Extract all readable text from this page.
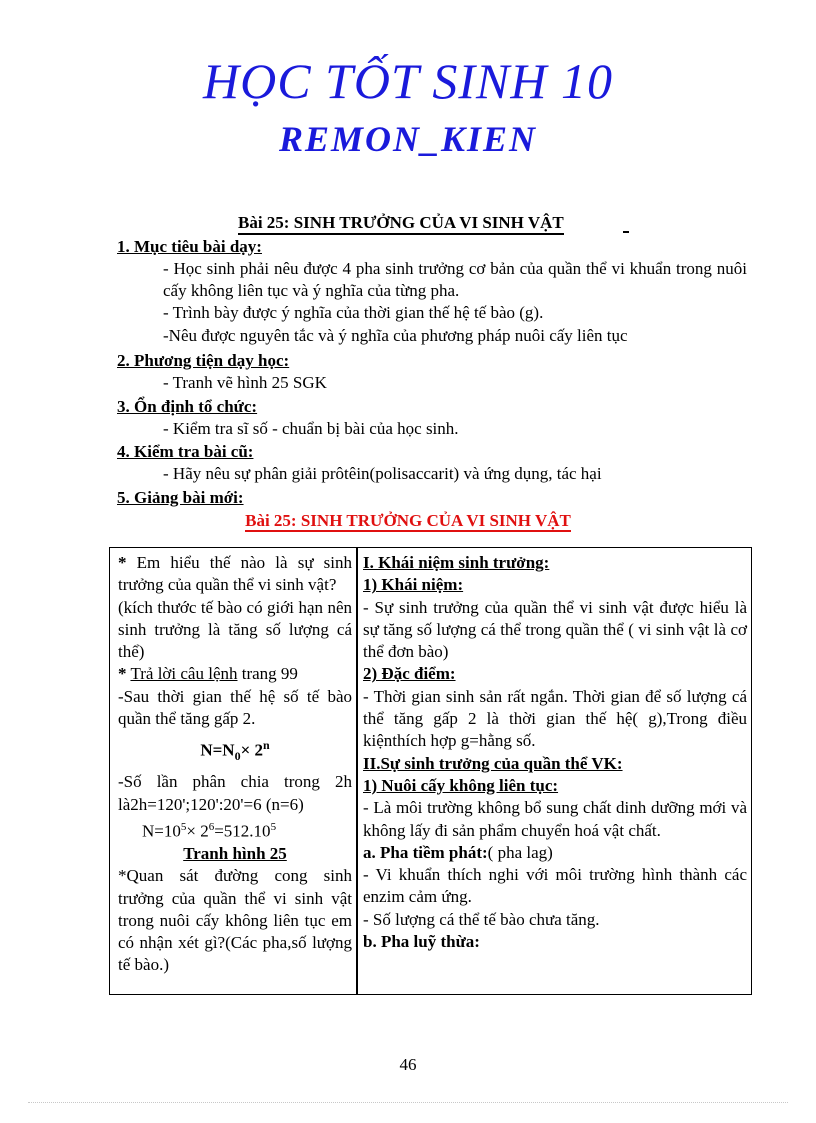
HỌC TỐT SINH 10
REMON_KIEN
Bài 25: SINH TRƯỞNG CỦA VI SINH VẬT
1. Mục tiêu bài dạy:
- Học sinh phải nêu được 4 pha sinh trưởng cơ bản của quần thể vi khuẩn trong nuôi cấy không liên tục và ý nghĩa của từng pha.
- Trình bày được ý nghĩa của thời gian thế hệ tế bào (g).
-Nêu được nguyên tắc và ý nghĩa của phương pháp nuôi cấy liên tục
2. Phương tiện dạy học:
- Tranh vẽ hình 25 SGK
3. Ổn định tổ chức:
- Kiểm tra sĩ số - chuẩn bị bài của học sinh.
4. Kiểm tra bài cũ:
- Hãy nêu sự phân giải prôtêin(polisaccarit) và ứng dụng, tác hại
5. Giảng bài mới:
Bài 25: SINH TRƯỞNG CỦA VI SINH VẬT

* Em hiểu thế nào là sự sinh trưởng của quần thể vi sinh vật?

(kích thước tế bào có giới hạn nên sinh trưởng là tăng số lượng cá thể)

* Trả lời câu lệnh trang 99

-Sau thời gian thế hệ số tế bào quần thể tăng gấp 2.

$N=N_0\times 2^n$

-Số lần phân chia trong 2h là2h=120';120':20'=6 (n=6)

$N=10^5\times 2^6=512.10^5$

Tranh hình 25

*Quan sát đường cong sinh trưởng của quần thể vi sinh vật trong nuôi cấy không liên tục em có nhận xét gì?(Các pha,số lượng tế bào.)

I. Khái niệm sinh trưởng:

1) Khái niệm:

- Sự sinh trưởng của quần thể vi sinh vật được hiểu là sự tăng số lượng cá thể trong quần thể ( vi sinh vật là cơ thể đơn bào)

2) Đặc điểm:

- Thời gian sinh sản rất ngắn. Thời gian để số lượng cá thể tăng gấp 2 là thời gian thế hệ( g),Trong điều kiệnthích hợp g=hằng số.

II.Sự sinh trưởng của quần thể VK:

1) Nuôi cấy không liên tục:

- Là môi trường không bổ sung chất dinh dưỡng mới và không lấy đi sản phẩm chuyển hoá vật chất.

a. Pha tiềm phát:( pha lag)

- Vi khuẩn thích nghi với môi trường hình thành các enzim cảm ứng.

- Số lượng cá thể tế bào chưa tăng.

b. Pha luỹ thừa:

46
